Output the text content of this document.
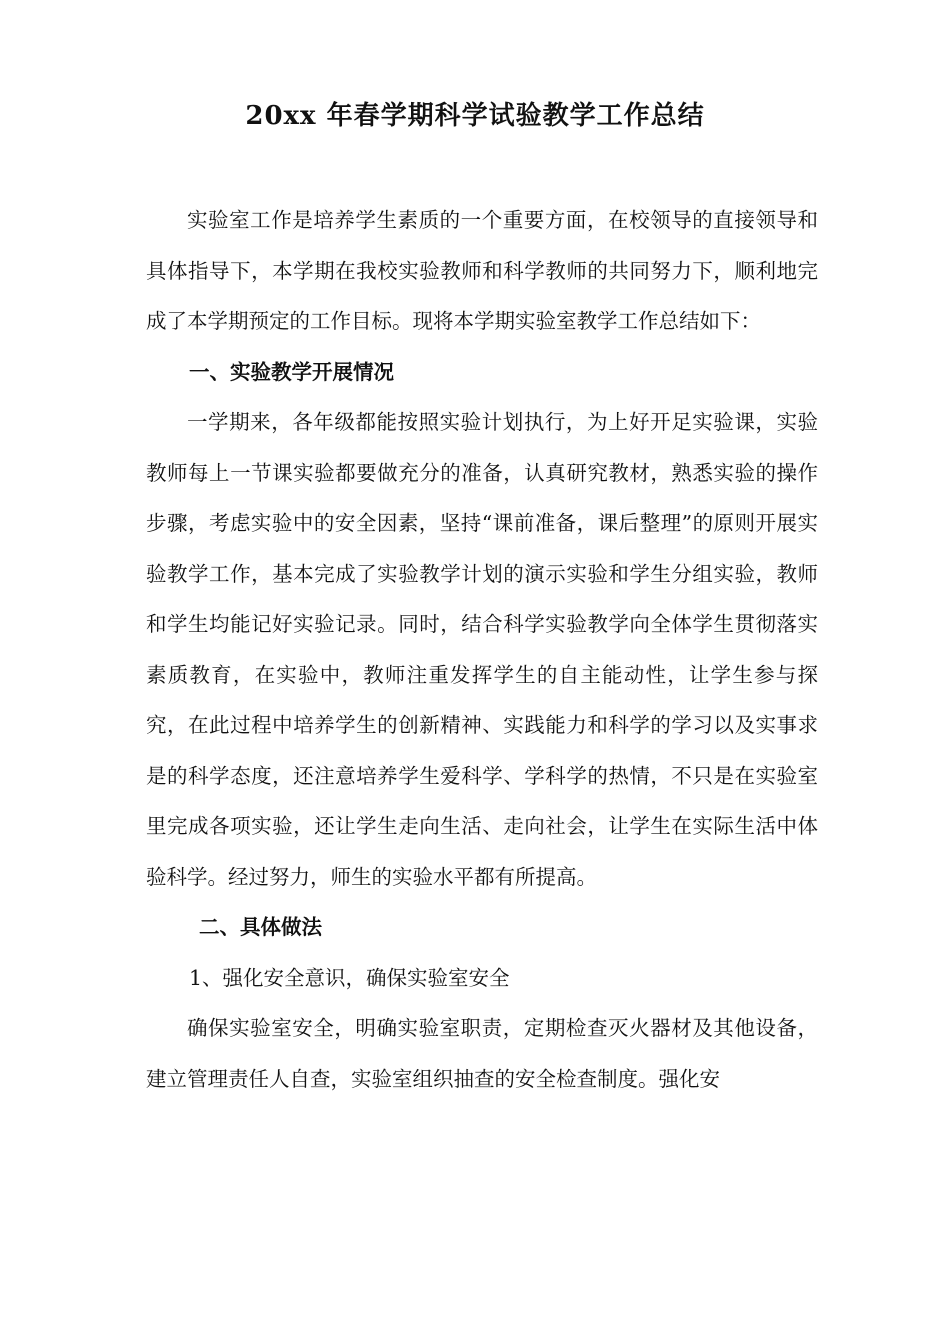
20xx 年春学期科学试验教学工作总结

实验室工作是培养学生素质的一个重要方面，在校领导的直接领导和具体指导下，本学期在我校实验教师和科学教师的共同努力下，顺利地完成了本学期预定的工作目标。现将本学期实验室教学工作总结如下：

一、实验教学开展情况

一学期来，各年级都能按照实验计划执行，为上好开足实验课，实验教师每上一节课实验都要做充分的准备，认真研究教材，熟悉实验的操作步骤，考虑实验中的安全因素，坚持“课前准备，课后整理”的原则开展实验教学工作，基本完成了实验教学计划的演示实验和学生分组实验，教师和学生均能记好实验记录。同时，结合科学实验教学向全体学生贯彻落实素质教育，在实验中，教师注重发挥学生的自主能动性，让学生参与探究，在此过程中培养学生的创新精神、实践能力和科学的学习以及实事求是的科学态度，还注意培养学生爱科学、学科学的热情，不只是在实验室里完成各项实验，还让学生走向生活、走向社会，让学生在实际生活中体验科学。经过努力，师生的实验水平都有所提高。

二、具体做法

1、强化安全意识，确保实验室安全

确保实验室安全，明确实验室职责，定期检查灭火器材及其他设备，建立管理责任人自查，实验室组织抽查的安全检查制度。强化安
